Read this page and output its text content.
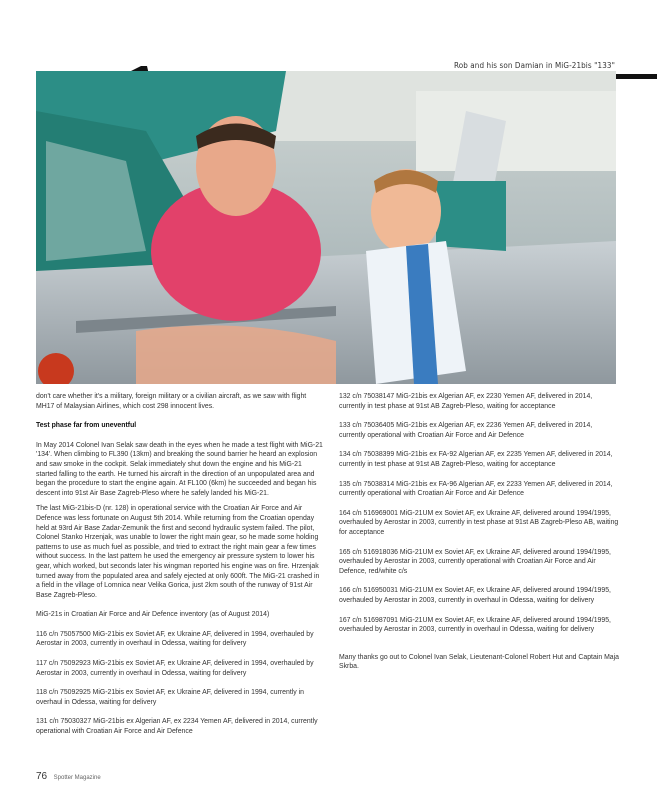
Rob and his son Damian in MiG-21bis "133"

don't care whether it's a military, foreign military or a civilian aircraft, as we saw with flight MH17 of Malaysian Airlines, which cost 298 innocent lives.

Test phase far from uneventful

In May 2014 Colonel Ivan Selak saw death in the eyes when he made a test flight with MiG-21 '134'. When climbing to FL390 (13km) and breaking the sound barrier he heard an explosion and saw smoke in the cockpit. Selak immediately shut down the engine and his MiG-21 started falling to the earth. He turned his aircraft in the direction of an unpopulated area and began the procedure to start the engine again. At FL100 (6km) he succeeded and began his descent into 91st Air Base Zagreb-Pleso where he safely landed his MiG-21.

The last MiG-21bis-D (nr. 128) in operational service with the Croatian Air Force and Air Defence was less fortunate on August 5th 2014. While returning from the Croatian openday held at 93rd Air Base Zadar-Zemunik the first and second hydraulic system failed. The pilot, Colonel Stanko Hrzenjak, was unable to lower the right main gear, so he made some holding patterns to use as much fuel as possible, and tried to extract the right main gear a few times without success. In the last pattern he used the emergency air pressure system to lower his gear, which worked, but seconds later his wingman reported his engine was on fire. Hrzenjak turned away from the populated area and safely ejected at only 600ft. The MiG-21 crashed in a field in the village of Lomnica near Velika Gorica, just 2km south of the runway of 91st Air Base Zagreb-Pleso.

MiG-21s in Croatian Air Force and Air Defence inventory (as of August 2014)

116 c/n 75057500 MiG-21bis ex Soviet AF, ex Ukraine AF, delivered in 1994, overhauled by Aerostar in 2003, currently in overhaul in Odessa, waiting for delivery

117 c/n 75092923 MiG-21bis ex Soviet AF, ex Ukraine AF, delivered in 1994, overhauled by Aerostar in 2003, currently in overhaul in Odessa, waiting for delivery

118 c/n 75092925 MiG-21bis ex Soviet AF, ex Ukraine AF, delivered in 1994, currently in overhaul in Odessa, waiting for delivery

131 c/n 75030327 MiG-21bis ex Algerian AF, ex 2234 Yemen AF, delivered in 2014, currently operational with Croatian Air Force and Air Defence

132 c/n 75038147 MiG-21bis ex Algerian AF, ex 2230 Yemen AF, delivered in 2014, currently in test phase at 91st AB Zagreb-Pleso, waiting for acceptance

133 c/n 75036405 MiG-21bis ex Algerian AF, ex 2236 Yemen AF, delivered in 2014, currently operational with Croatian Air Force and Air Defence

134 c/n 75038399 MiG-21bis ex FA-92 Algerian AF, ex 2235 Yemen AF, delivered in 2014, currently in test phase at 91st AB Zagreb-Pleso, waiting for acceptance

135 c/n 75038314 MiG-21bis ex FA-96 Algerian AF, ex 2233 Yemen AF, delivered in 2014, currently operational with Croatian Air Force and Air Defence

164 c/n 516969001 MiG-21UM ex Soviet AF, ex Ukraine AF, delivered around 1994/1995, overhauled by Aerostar in 2003, currently in test phase at 91st AB Zagreb-Pleso AB, waiting for acceptance

165 c/n 516918036 MiG-21UM ex Soviet AF, ex Ukraine AF, delivered around 1994/1995, overhauled by Aerostar in 2003, currently operational with Croatian Air Force and Air Defence, red/white c/s

166 c/n 516950031 MiG-21UM ex Soviet AF, ex Ukraine AF, delivered around 1994/1995, overhauled by Aerostar in 2003, currently in overhaul in Odessa, waiting for delivery

167 c/n 516987091 MiG-21UM ex Soviet AF, ex Ukraine AF, delivered around 1994/1995, overhauled by Aerostar in 2003, currently in overhaul in Odessa, waiting for delivery

Many thanks go out to Colonel Ivan Selak, Lieutenant-Colonel Robert Hut and Captain Maja Skrba.

76 Spotter Magazine
